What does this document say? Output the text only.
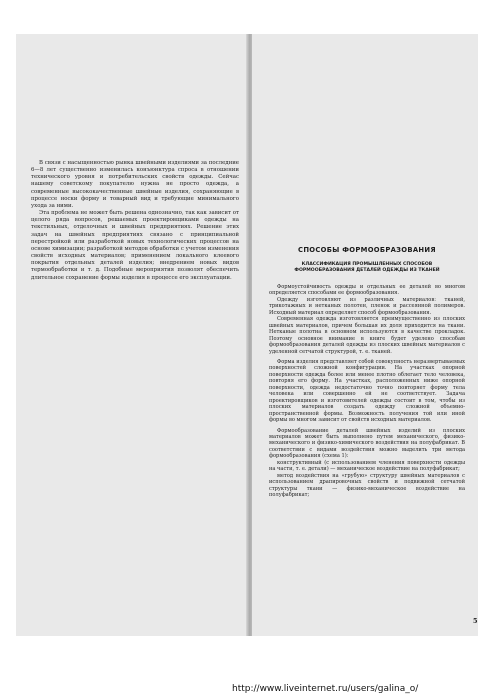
В связи с насыщенностью рынка швейными изделиями за последние 6—8 лет существенно изменилась конъюнктура спроса в отношении технического уровня и потребительских свойств одежды. Сейчас нашему советскому покупателю нужна не просто одежда, а современные высококачественные швейные изделия, сохраняющие в процессе носки форму и товарный вид и требующие минимального ухода за ними.

Эта проблема не может быть решена однозначно, так как зависит от целого ряда вопросов, решаемых проектировщиками одежды на текстильных, отделочных и швейных предприятиях. Решение этих задач на швейных предприятиях связано с принципиальной перестройкой или разработкой новых технологических процессов на основе химизации; разработкой методов обработки с учетом изменения свойств исходных материалов; применением локального клеевого покрытия отдельных деталей изделия; внедрением новых видов термообработки и т. д. Подобные мероприятия позволят обеспечить длительное сохранение формы изделия в процессе его эксплуатации.

СПОСОБЫ ФОРМООБРАЗОВАНИЯ
КЛАССИФИКАЦИЯ ПРОМЫШЛЕННЫХ СПОСОБОВ
ФОРМООБРАЗОВАНИЯ ДЕТАЛЕЙ ОДЕЖДЫ ИЗ ТКАНЕЙ

Формоустойчивость одежды и отдельных ее деталей во многом определяется способами ее формообразования.

Одежду изготовляют из различных материалов: тканей, трикотажных и нетканых полотен, пленок и рассеянной полимеров. Исходный материал определяет способ формообразования.

Современная одежда изготовляется преимущественно из плоских швейных материалов, причем большая их доля приходится на ткани. Нетканые полотна в основном используются в качестве прокладок. Поэтому основное внимание в книге будет уделено способам формообразования деталей одежды из плоских швейных материалов с уделенной сетчатой структурой, т. е. тканей.

Форма изделия представляет собой совокупность неразвертываемых поверхностей сложной конфигурации. На участках опорной поверхности одежда более или менее плотно облегает тело человека, повторяя его форму. На участках, расположенных ниже опорной поверхности, одежда недостаточно точно повторяет форму тела человека или совершенно ей не соответствует. Задача проектировщиков и изготовителей одежды состоит в том, чтобы из плоских материалов создать одежду сложной объемно-пространственной формы. Возможность получения той или иной формы во многом зависит от свойств исходных материалов.

Формообразование деталей швейных изделий из плоских материалов может быть выполнено путем механического, физико-механического и физико-химического воздействия на полуфабрикат. В соответствии с видами воздействия можно выделить три метода формообразования (схема 1):

конструктивный (с использованием членения поверхности одежды на части, т. е. детали) — механическое воздействие на полуфабрикат;

метод воздействия на «грубую» структуру швейных материалов с использованием драпировочных свойств и подвижной сетчатой структуры ткани — физико-механическое воздействие на полуфабрикат;

5
http://www.liveinternet.ru/users/galina_o/
